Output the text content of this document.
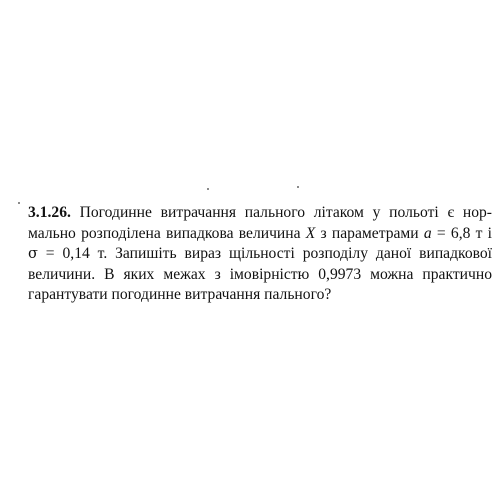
3.1.26. Погодинне витрачання пального літаком у польоті є нор-
мально розподілена випадкова величина X з параметрами a = 6,8 т і
σ = 0,14 т. Запишіть вираз щільності розподілу даної випадкової
величини. В яких межах з імовірністю 0,9973 можна практично
гарантувати погодинне витрачання пального?
